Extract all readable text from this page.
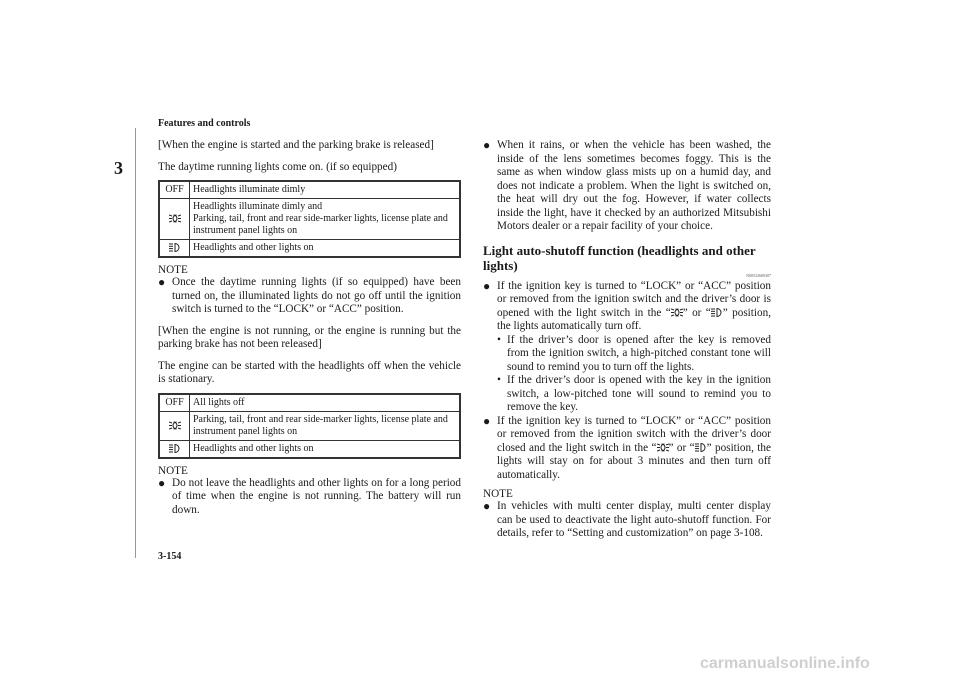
Features and controls
3
[When the engine is started and the parking brake is released]
The daytime running lights come on. (if so equipped)
OFF	Headlights illuminate dimly
	Headlights illuminate dimly and
Parking, tail, front and rear side-marker lights, license plate and instrument panel lights on
	Headlights and other lights on
NOTE
● Once the daytime running lights (if so equipped) have been turned on, the illuminated lights do not go off until the ignition switch is turned to the “LOCK” or “ACC” position.
[When the engine is not running, or the engine is running but the parking brake has not been released]
The engine can be started with the headlights off when the vehicle is stationary.
OFF	All lights off
	Parking, tail, front and rear side-marker lights, license plate and instrument panel lights on
	Headlights and other lights on
NOTE
● Do not leave the headlights and other lights on for a long period of time when the engine is not running. The battery will run down.
● When it rains, or when the vehicle has been washed, the inside of the lens sometimes becomes foggy. This is the same as when window glass mists up on a humid day, and does not indicate a problem. When the light is switched on, the heat will dry out the fog. However, if water collects inside the light, have it checked by an authorized Mitsubishi Motors dealer or a repair facility of your choice.
Light auto-shutoff function (headlights and other lights)
N00532600307
● If the ignition key is turned to “LOCK” or “ACC” position or removed from the ignition switch and the driver’s door is opened with the light switch in the “ ” or “ ” position, the lights automatically turn off.
• If the driver’s door is opened after the key is removed from the ignition switch, a high-pitched constant tone will sound to remind you to turn off the lights.
• If the driver’s door is opened with the key in the ignition switch, a low-pitched tone will sound to remind you to remove the key.
● If the ignition key is turned to “LOCK” or “ACC” position or removed from the ignition switch with the driver’s door closed and the light switch in the “ ” or “ ” position, the lights will stay on for about 3 minutes and then turn off automatically.
NOTE
● In vehicles with multi center display, multi center display can be used to deactivate the light auto-shutoff function. For details, refer to “Setting and customization” on page 3-108.
3-154
carmanualsonline.info
